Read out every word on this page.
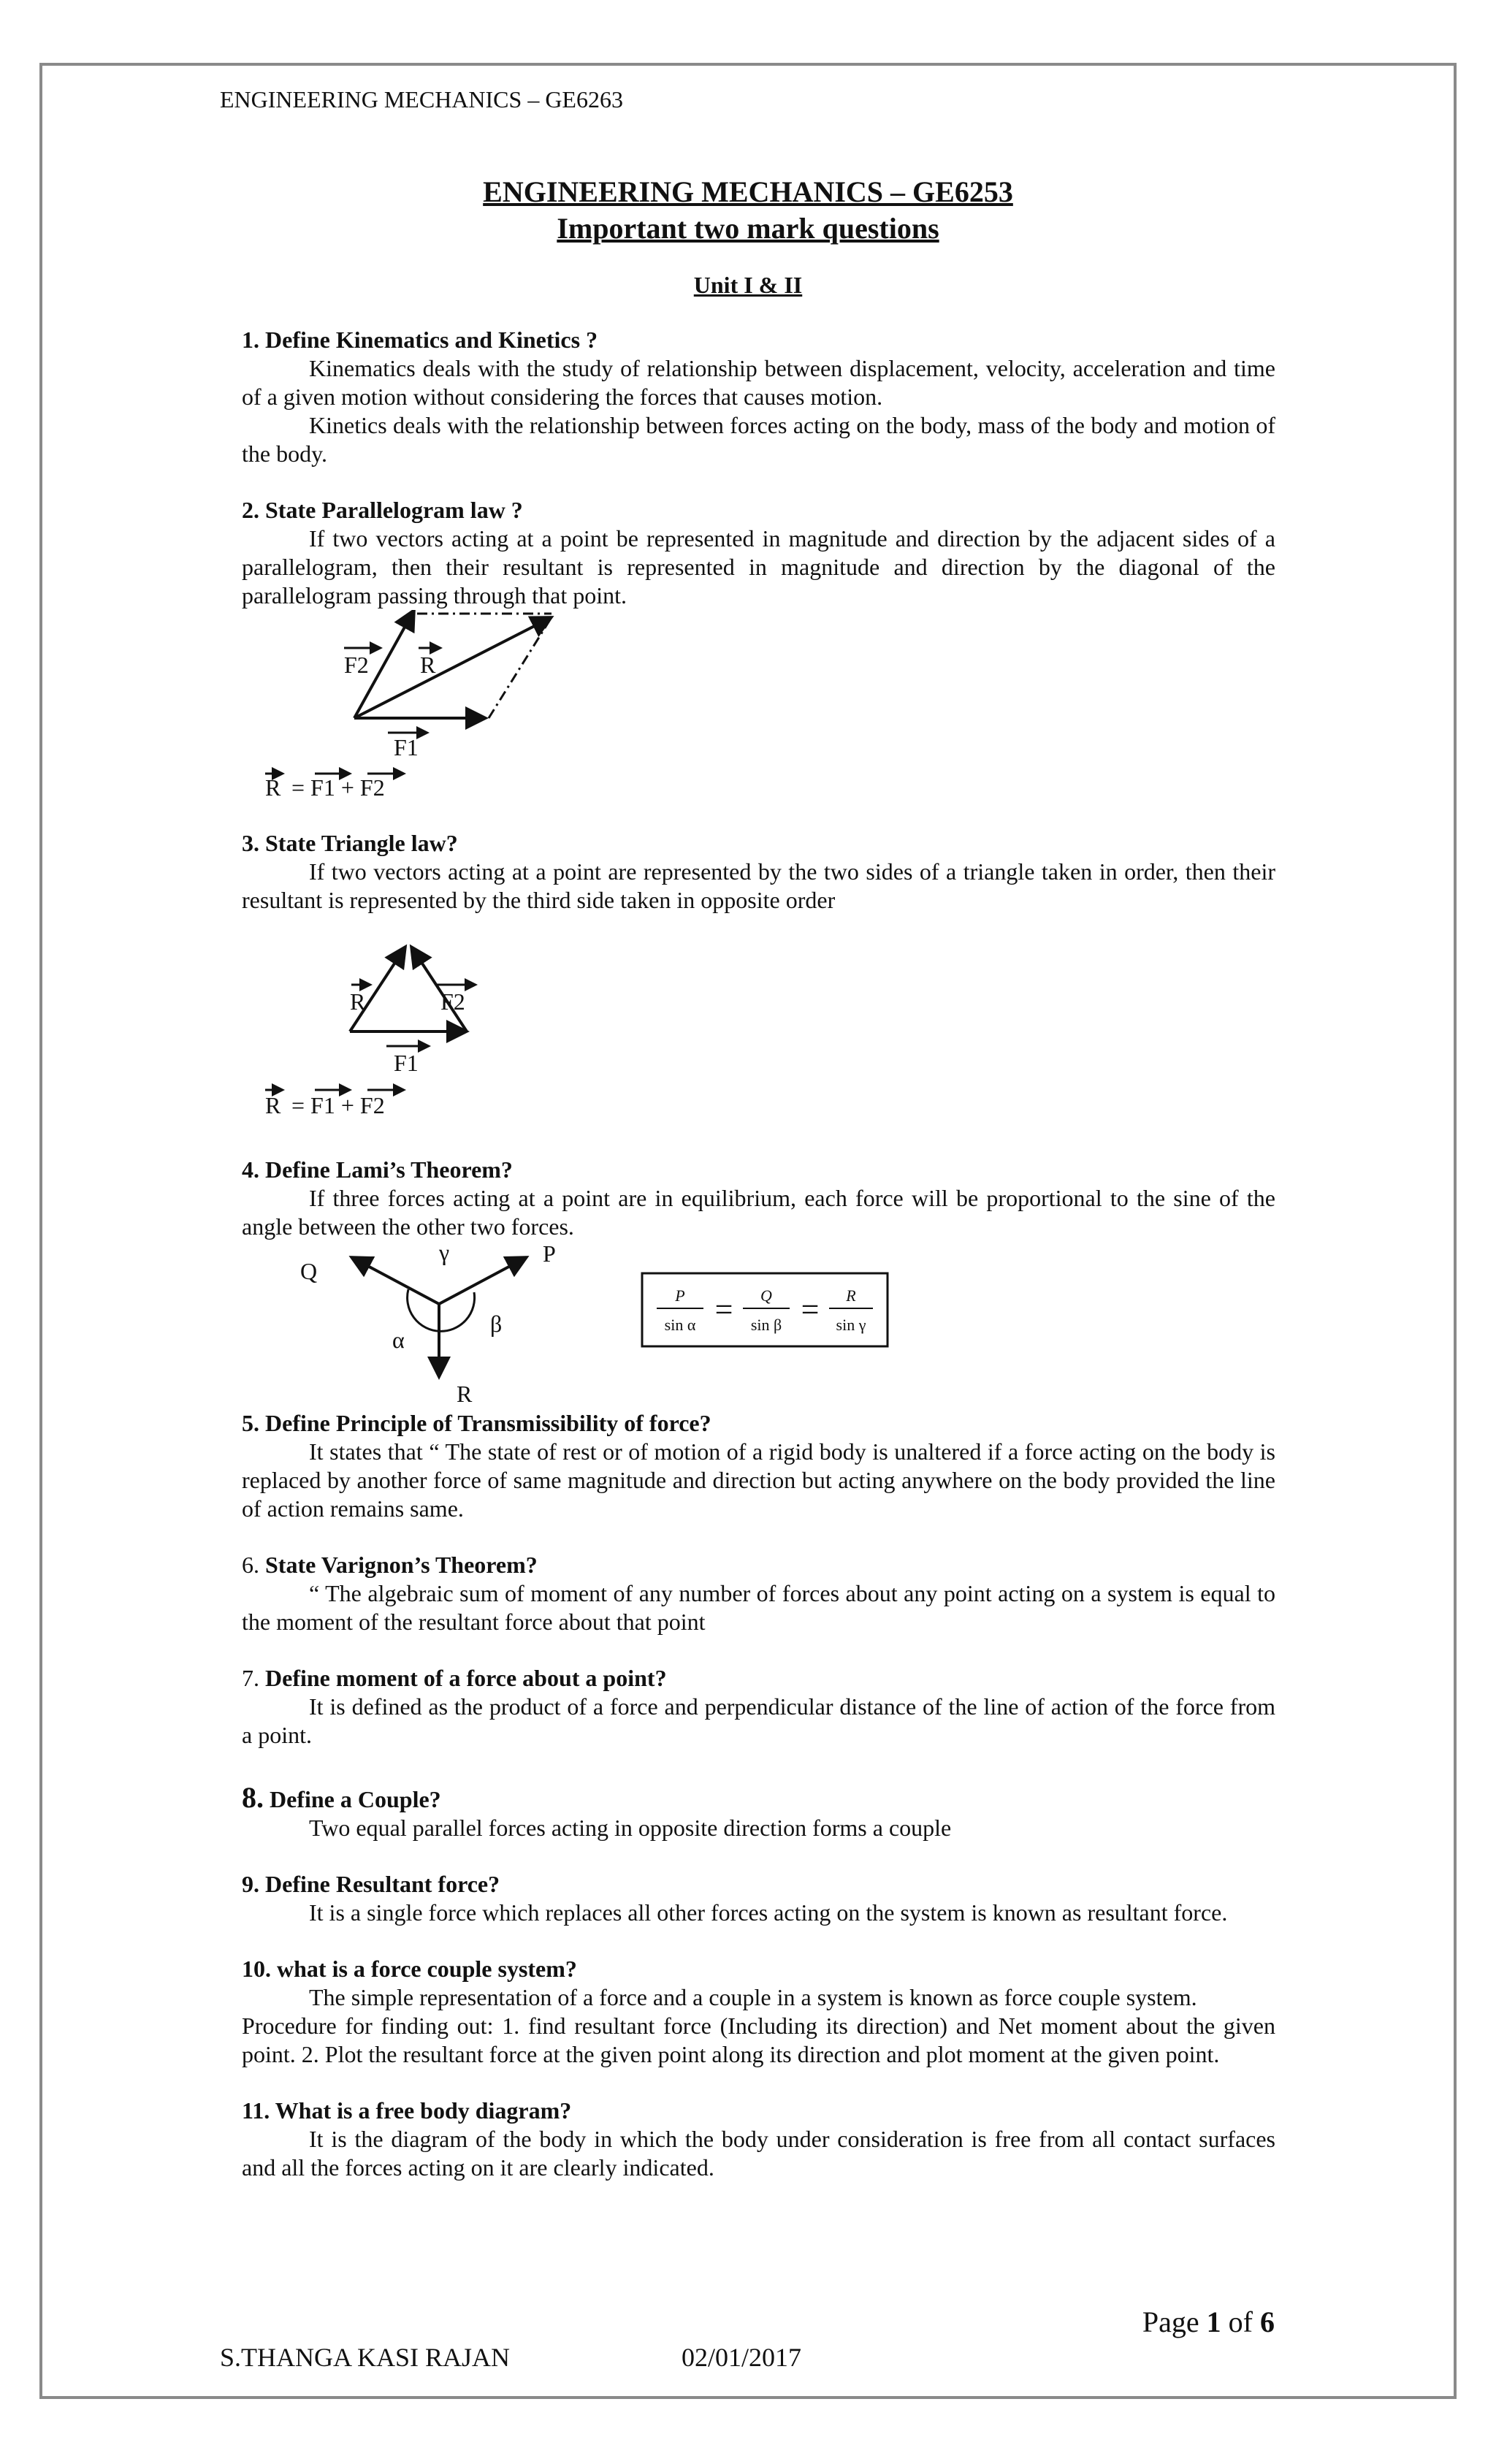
ENGINEERING MECHANICS – GE6263

ENGINEERING MECHANICS – GE6253

Important two mark questions

Unit I & II

1. Define Kinematics and Kinetics ?

Kinematics deals with the study of relationship between displacement, velocity, acceleration and time of a given motion without considering the forces that causes motion.

Kinetics deals with the relationship between forces acting on the body, mass of the body and motion of the body.

2. State Parallelogram law ?

If two vectors acting at a point be represented in magnitude and direction by the adjacent sides of a parallelogram, then their resultant is represented in magnitude and direction by the diagonal of the parallelogram passing through that point.

F2 R
F1
R = F1 + F2

3. State Triangle law?

If two vectors acting at a point are represented by the two sides of a triangle taken in order, then their resultant is represented by the third side taken in opposite order

R	F2
F1
R = F1 + F2

4. Define Lami’s Theorem?

If three forces acting at a point are in equilibrium, each force will be proportional to the sine of the angle between the other two forces.

Q
γ	P
β
α
R
P
sin α = Q
sin β = R
sin γ

5. Define Principle of Transmissibility of force?

It states that “ The state of rest or of motion of a rigid body is unaltered if a force acting on the body is replaced by another force of same magnitude and direction but acting anywhere on the body provided the line of action remains same.

6. State Varignon’s Theorem?

“ The algebraic sum of moment of any number of forces about any point acting on a system is equal to the moment of the resultant force about that point

7. Define moment of a force about a point?

It is defined as the product of a force and perpendicular distance of the line of action of the force from a point.

8. Define a Couple?

Two equal parallel forces acting in opposite direction forms a couple

9. Define Resultant force?

It is a single force which replaces all other forces acting on the system is known as resultant force.

10. what is a force couple system?

The simple representation of a force and a couple in a system is known as force couple system.

Procedure for finding out: 1. find resultant force (Including its direction) and Net moment about the given point. 2. Plot the resultant force at the given point along its direction and plot moment at the given point.

11. What is a free body diagram?

It is the diagram of the body in which the body under consideration is free from all contact surfaces and all the forces acting on it are clearly indicated.

Page 1 of 6
S.THANGA KASI RAJAN	02/01/2017
